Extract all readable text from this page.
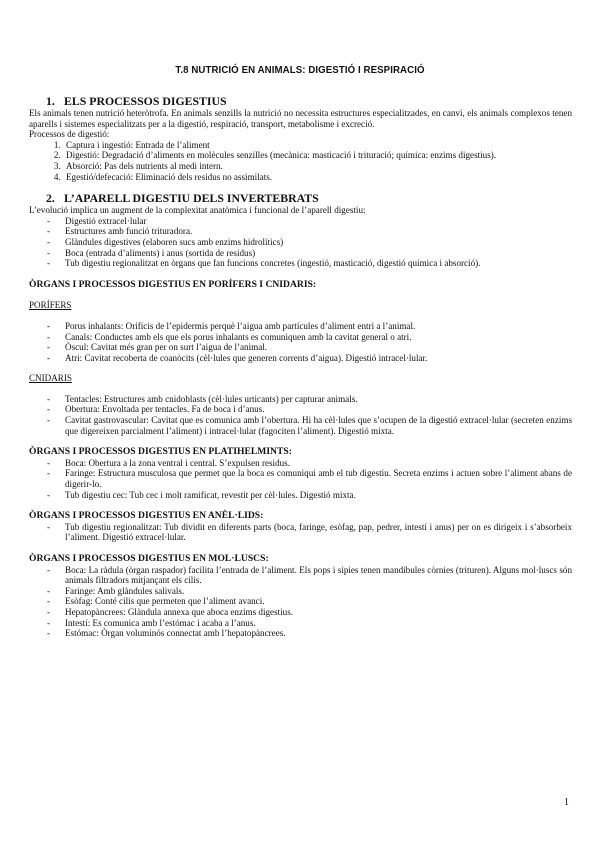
T.8 NUTRICIÓ EN ANIMALS: DIGESTIÓ I RESPIRACIÓ
1. ELS PROCESSOS DIGESTIUS

Els animals tenen nutrició heteròtrofa. En animals senzills la nutrició no necessita estructures especialitzades, en canvi, els animals complexos tenen aparells i sistemes especialitzats per a la digestió, respiració, transport, metabolisme i excreció.

Processos de digestió:

1. Captura i ingestió: Entrada de l’aliment
2. Digestió: Degradació d’aliments en molècules senzilles (mecànica: masticació i trituració; química: enzims digestius).
3. Absorció: Pas dels nutrients al medi intern.
4. Egestió/defecació: Eliminació dels residus no assimilats.
2. L’APARELL DIGESTIU DELS INVERTEBRATS

L’evolució implica un augment de la complexitat anatòmica i funcional de l’aparell digestiu:

- Digestió extracel·lular
- Estructures amb funció trituradora.
- Glàndules digestives (elaboren sucs amb enzims hidrolítics)
- Boca (entrada d’aliments) i anus (sortida de residus)
- Tub digestiu regionalitzat en òrgans que fan funcions concretes (ingestió, masticació, digestió química i absorció).

ÒRGANS I PROCESSOS DIGESTIUS EN PORÍFERS I CNIDARIS:

PORÍFERS

- Porus inhalants: Orificis de l’epidermis perquè l’aigua amb partícules d’aliment entri a l’animal.
- Canals: Conductes amb els que els porus inhalants es comuniquen amb la cavitat general o atri.
- Òscul: Cavitat més gran per on surt l’aigua de l’animal.
- Atri: Cavitat recoberta de coanòcits (cèl·lules que generen corrents d’aigua). Digestió intracel·lular.

CNIDARIS

- Tentacles: Estructures amb cnidoblasts (cèl·lules urticants) per capturar animals.
- Obertura: Envoltada per tentacles. Fa de boca i d’anus.
- Cavitat gastrovascular: Cavitat que es comunica amb l’obertura. Hi ha cèl·lules que s’ocupen de la digestió extracel·lular (secreten enzims que digereixen parcialment l’aliment) i intracel·lular (fagociten l’aliment). Digestió mixta.

ÒRGANS I PROCESSOS DIGESTIUS EN PLATIHELMINTS:

- Boca: Obertura a la zona ventral i central. S’expulsen residus.
- Faringe: Estructura musculosa que permet que la boca es comuniqui amb el tub digestiu. Secreta enzims i actuen sobre l’aliment abans de digerir-lo.
- Tub digestiu cec: Tub cec i molt ramificat, revestit per cèl·lules. Digestió mixta.

ÒRGANS I PROCESSOS DIGESTIUS EN ANÈL·LIDS:

- Tub digestiu regionalitzat: Tub dividit en diferents parts (boca, faringe, esòfag, pap, pedrer, intestí i anus) per on es dirigeix i s’absorbeix l’aliment. Digestió extracel·lular.

ÒRGANS I PROCESSOS DIGESTIUS EN MOL·LUSCS:

- Boca: La ràdula (òrgan raspador) facilita l’entrada de l’aliment. Els pops i sípies tenen mandíbules còrnies (trituren). Alguns mol·luscs són animals filtradors mitjançant els cilis.
- Faringe: Amb glàndules salivals.
- Esòfag: Conté cilis que permeten que l’aliment avanci.
- Hepatopàncrees: Glàndula annexa que aboca enzims digestius.
- Intestí: Es comunica amb l’estómac i acaba a l’anus.
- Estómac: Òrgan voluminós connectat amb l’hepatopàncrees.
1
